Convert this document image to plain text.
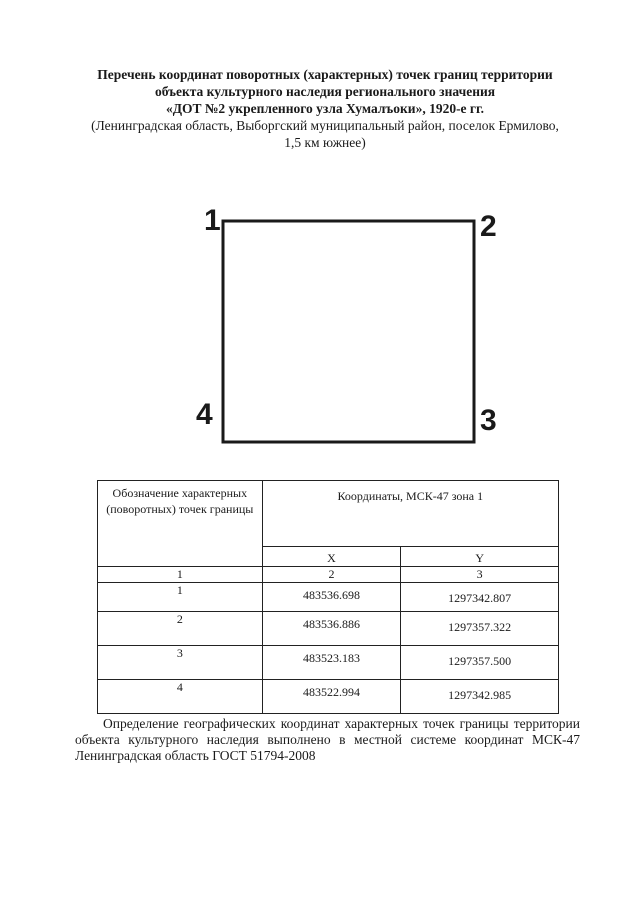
Перечень координат поворотных (характерных) точек границ территории
объекта культурного наследия регионального значения
«ДОТ №2 укрепленного узла Хумалъоки», 1920-е гг.
(Ленинградская область, Выборгский муниципальный район, поселок Ермилово,
1,5 км южнее)
1	2
3
4
Обозначение характерных (поворотных) точек границы	Координаты, МСК-47 зона 1	
	X	Y
1	2	3
1	483536.698	1297342.807
2	483536.886	1297357.322
3	483523.183	1297357.500
4	483522.994	1297342.985
Определение географических координат характерных точек границы территории объекта культурного наследия выполнено в местной системе координат МСК-47 Ленинградская область ГОСТ 51794-2008
